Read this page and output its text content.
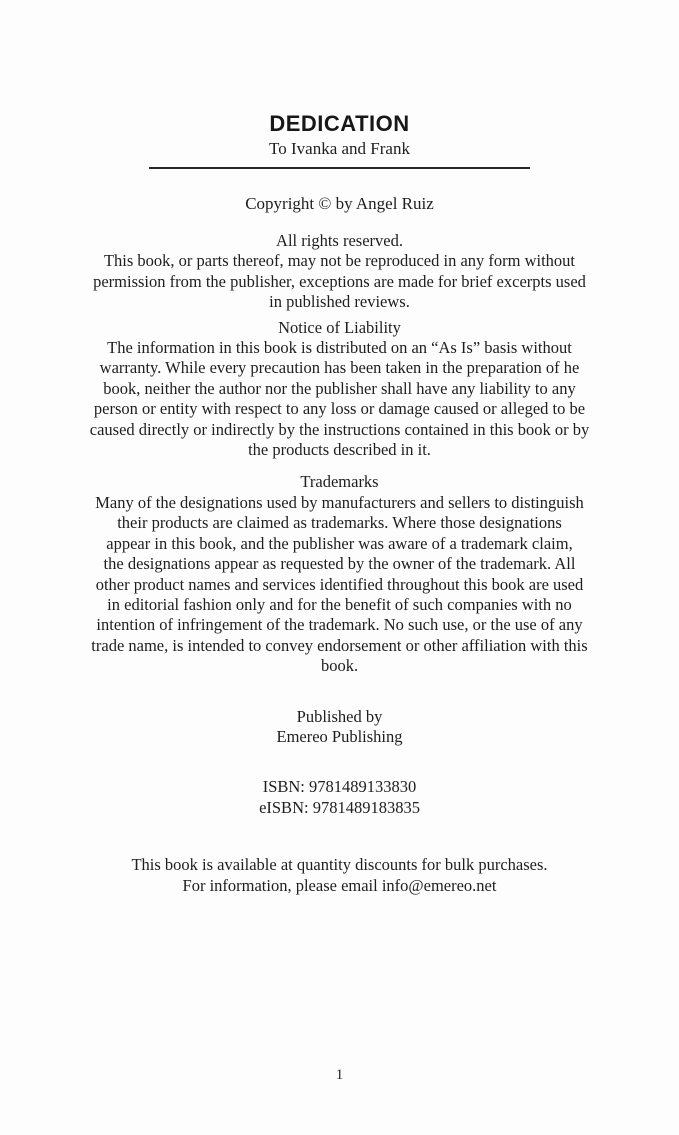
DEDICATION
To Ivanka and Frank
Copyright © by Angel Ruiz
All rights reserved.
This book, or parts thereof, may not be reproduced in any form without
permission from the publisher, exceptions are made for brief excerpts used
in published reviews.
Notice of Liability
The information in this book is distributed on an “As Is” basis without
warranty. While every precaution has been taken in the preparation of he
book, neither the author nor the publisher shall have any liability to any
person or entity with respect to any loss or damage caused or alleged to be
caused directly or indirectly by the instructions contained in this book or by
the products described in it.
Trademarks
Many of the designations used by manufacturers and sellers to distinguish
their products are claimed as trademarks. Where those designations
appear in this book, and the publisher was aware of a trademark claim,
the designations appear as requested by the owner of the trademark. All
other product names and services identified throughout this book are used
in editorial fashion only and for the benefit of such companies with no
intention of infringement of the trademark. No such use, or the use of any
trade name, is intended to convey endorsement or other affiliation with this
book.
Published by
Emereo Publishing
ISBN: 9781489133830
eISBN: 9781489183835
This book is available at quantity discounts for bulk purchases.
For information, please email info@emereo.net
1
